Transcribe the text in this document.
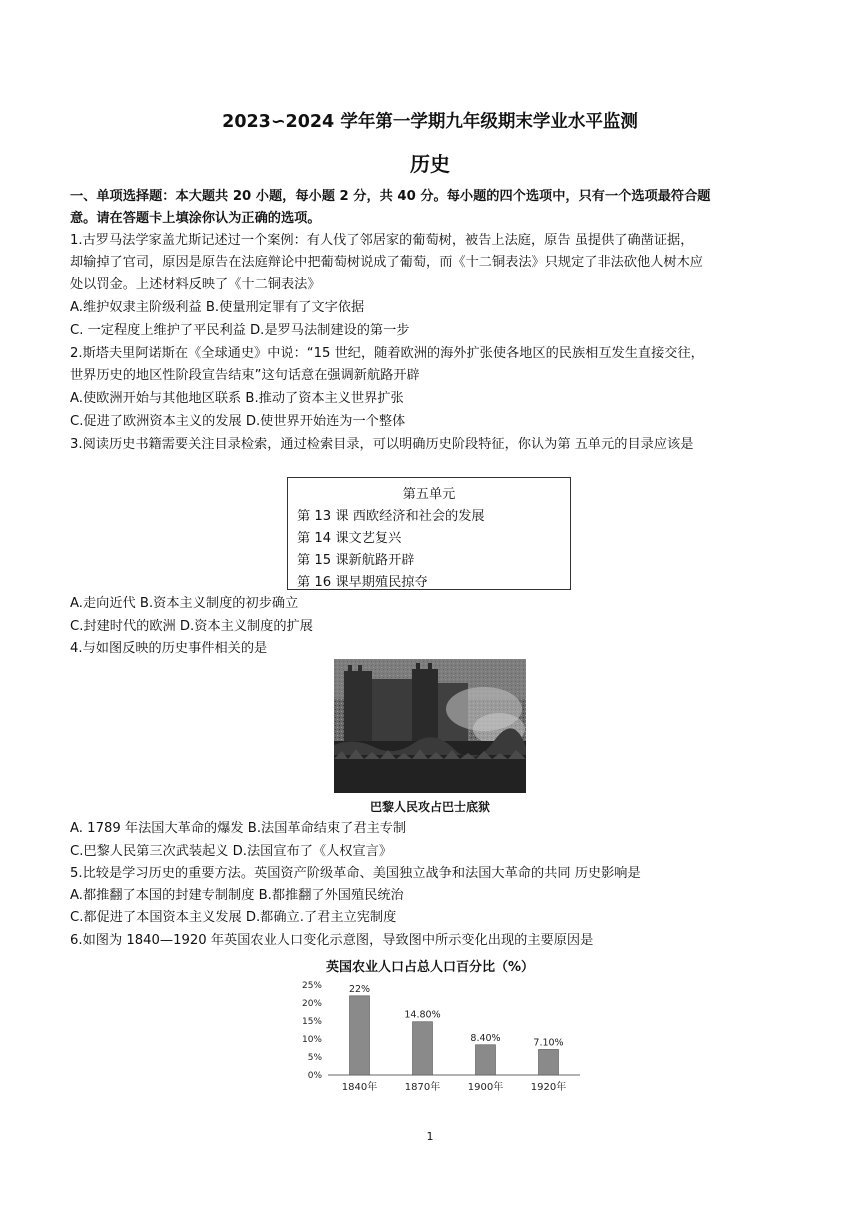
2023∽2024 学年第一学期九年级期末学业水平监测
历史
一、单项选择题：本大题共 20 小题，每小题 2 分，共 40 分。每小题的四个选项中，只有一个选项最符合题
意。请在答题卡上填涂你认为正确的选项。
1.古罗马法学家盖尤斯记述过一个案例：有人伐了邻居家的葡萄树，被告上法庭，原告 虽提供了确凿证据，
却输掉了官司，原因是原告在法庭辩论中把葡萄树说成了葡萄，而《十二铜表法》只规定了非法砍他人树木应
处以罚金。上述材料反映了《十二铜表法》
A.维护奴隶主阶级利益 B.使量刑定罪有了文字依据
C. 一定程度上维护了平民利益 D.是罗马法制建设的第一步
2.斯塔夫里阿诺斯在《全球通史》中说：“15 世纪，随着欧洲的海外扩张使各地区的民族相互发生直接交往，
世界历史的地区性阶段宣告结束”这句话意在强调新航路开辟
A.使欧洲开始与其他地区联系 B.推动了资本主义世界扩张
C.促进了欧洲资本主义的发展 D.使世界开始连为一个整体
3.阅读历史书籍需要关注目录检索，通过检索目录，可以明确历史阶段特征，你认为第 五单元的目录应该是
第五单元
第 13 课 西欧经济和社会的发展
第 14 课文艺复兴
第 15 课新航路开辟
第 16 课早期殖民掠夺
A.走向近代 B.资本主义制度的初步确立
C.封建时代的欧洲 D.资本主义制度的扩展
4.与如图反映的历史事件相关的是
巴黎人民攻占巴士底狱
A. 1789 年法国大革命的爆发 B.法国革命结束了君主专制
C.巴黎人民第三次武装起义 D.法国宣布了《人权宣言》
5.比较是学习历史的重要方法。英国资产阶级革命、美国独立战争和法国大革命的共同 历史影响是
A.都推翻了本国的封建专制制度 B.都推翻了外国殖民统治
C.都促进了本国资本主义发展 D.都确立.了君主立宪制度
6.如图为 1840—1920 年英国农业人口变化示意图，导致图中所示变化出现的主要原因是
英国农业人口占总人口百分比（%）
0%
5%
10%
15%
20%
25%	22%
1840年
14.80%
1870年
8.40%
1900年
7.10%
1920年
1
